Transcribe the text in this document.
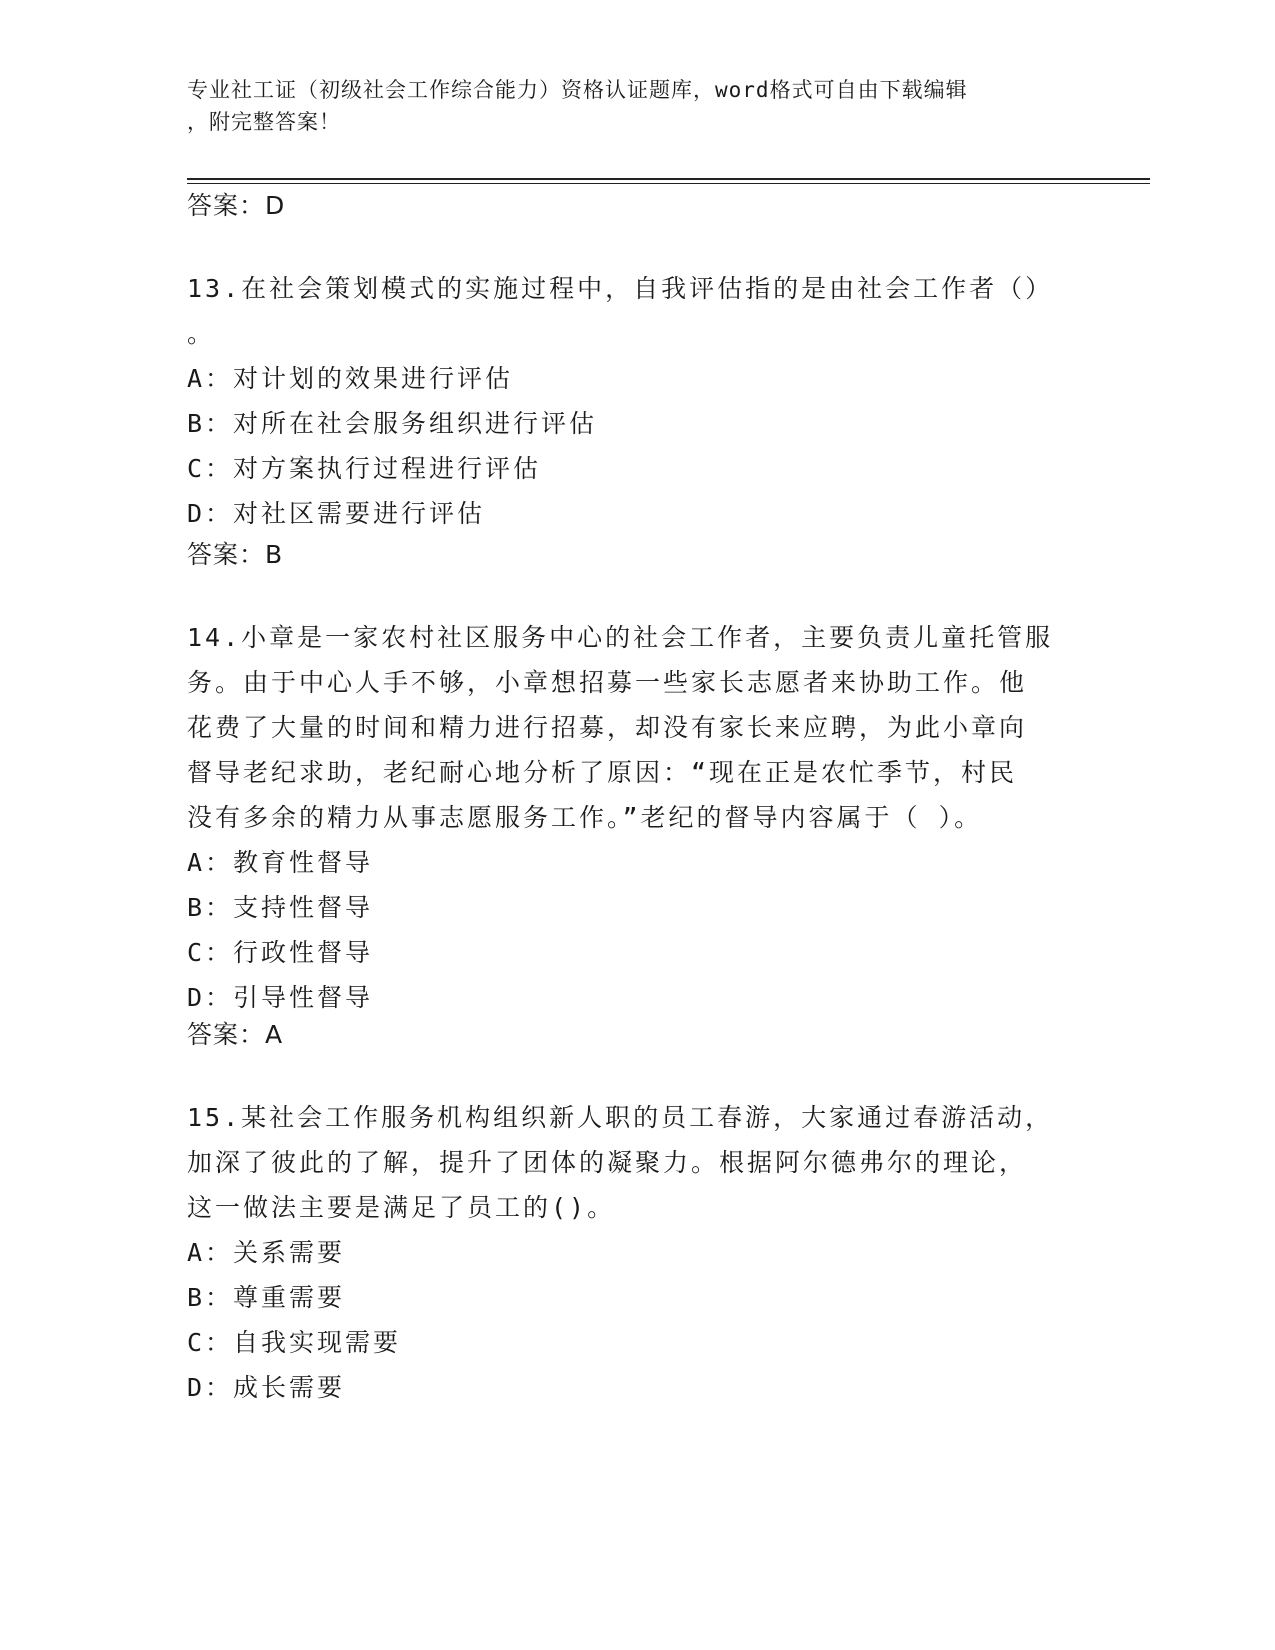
专业社工证（初级社会工作综合能力）资格认证题库，word格式可自由下载编辑
，附完整答案！
答案：D
13.在社会策划模式的实施过程中，自我评估指的是由社会工作者（）
。
A：对计划的效果进行评估
B：对所在社会服务组织进行评估
C：对方案执行过程进行评估
D：对社区需要进行评估
答案：B
14.小章是一家农村社区服务中心的社会工作者，主要负责儿童托管服
务。由于中心人手不够，小章想招募一些家长志愿者来协助工作。他
花费了大量的时间和精力进行招募，却没有家长来应聘，为此小章向
督导老纪求助，老纪耐心地分析了原因：“现在正是农忙季节，村民
没有多余的精力从事志愿服务工作。”老纪的督导内容属于（ ）。
A：教育性督导
B：支持性督导
C：行政性督导
D：引导性督导
答案：A
15.某社会工作服务机构组织新人职的员工春游，大家通过春游活动，
加深了彼此的了解，提升了团体的凝聚力。根据阿尔德弗尔的理论，
这一做法主要是满足了员工的()。
A：关系需要
B：尊重需要
C：自我实现需要
D：成长需要
